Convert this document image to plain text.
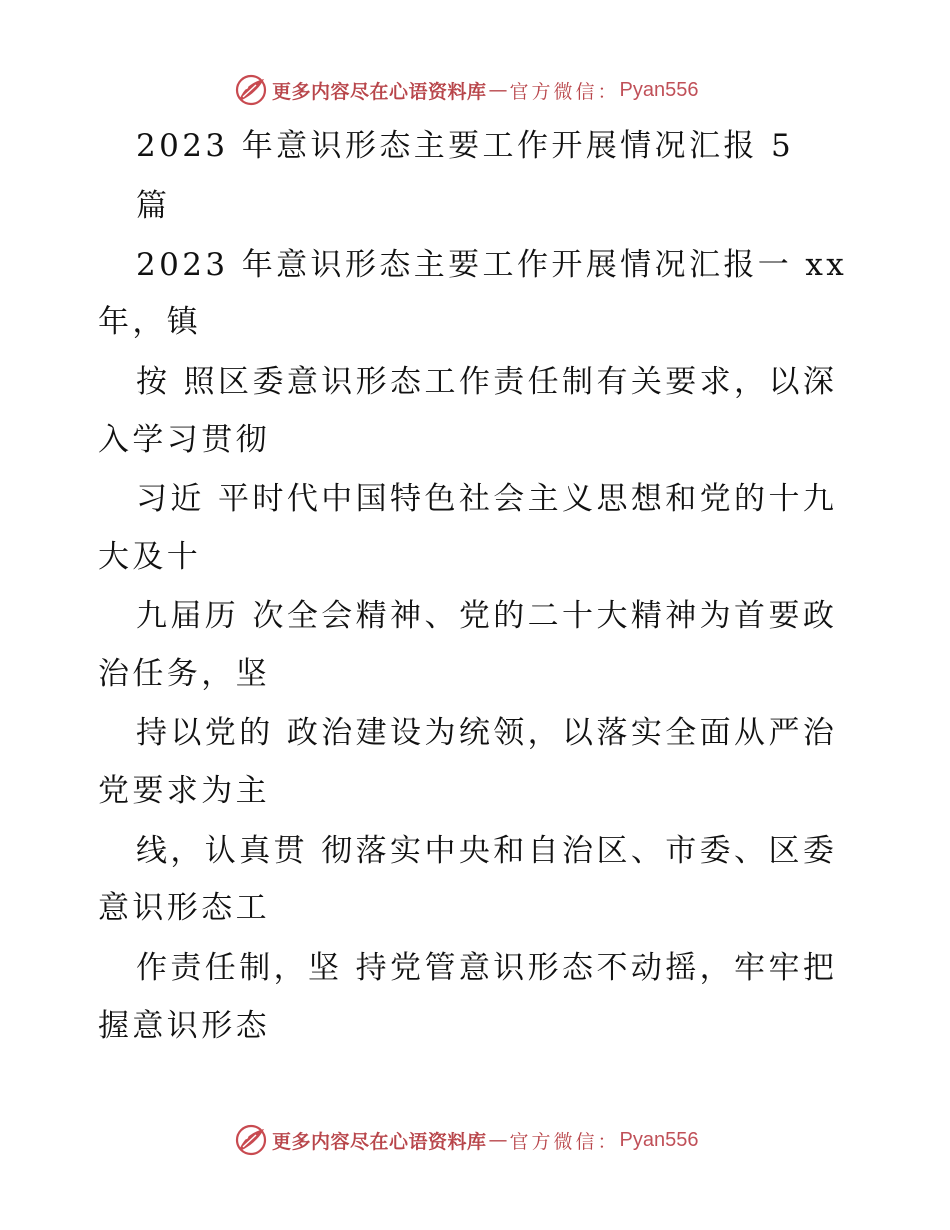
更多内容尽在心语资料库 — 官方微信： Pyan556
2023 年意识形态主要工作开展情况汇报 5
篇
2023 年意识形态主要工作开展情况汇报一 xx
年，镇
按 照区委意识形态工作责任制有关要求，以深
入学习贯彻
习近 平时代中国特色社会主义思想和党的十九
大及十
九届历 次全会精神、党的二十大精神为首要政
治任务，坚
持以党的 政治建设为统领，以落实全面从严治
党要求为主
线，认真贯 彻落实中央和自治区、市委、区委
意识形态工
作责任制，坚 持党管意识形态不动摇，牢牢把
握意识形态
更多内容尽在心语资料库 — 官方微信： Pyan556
